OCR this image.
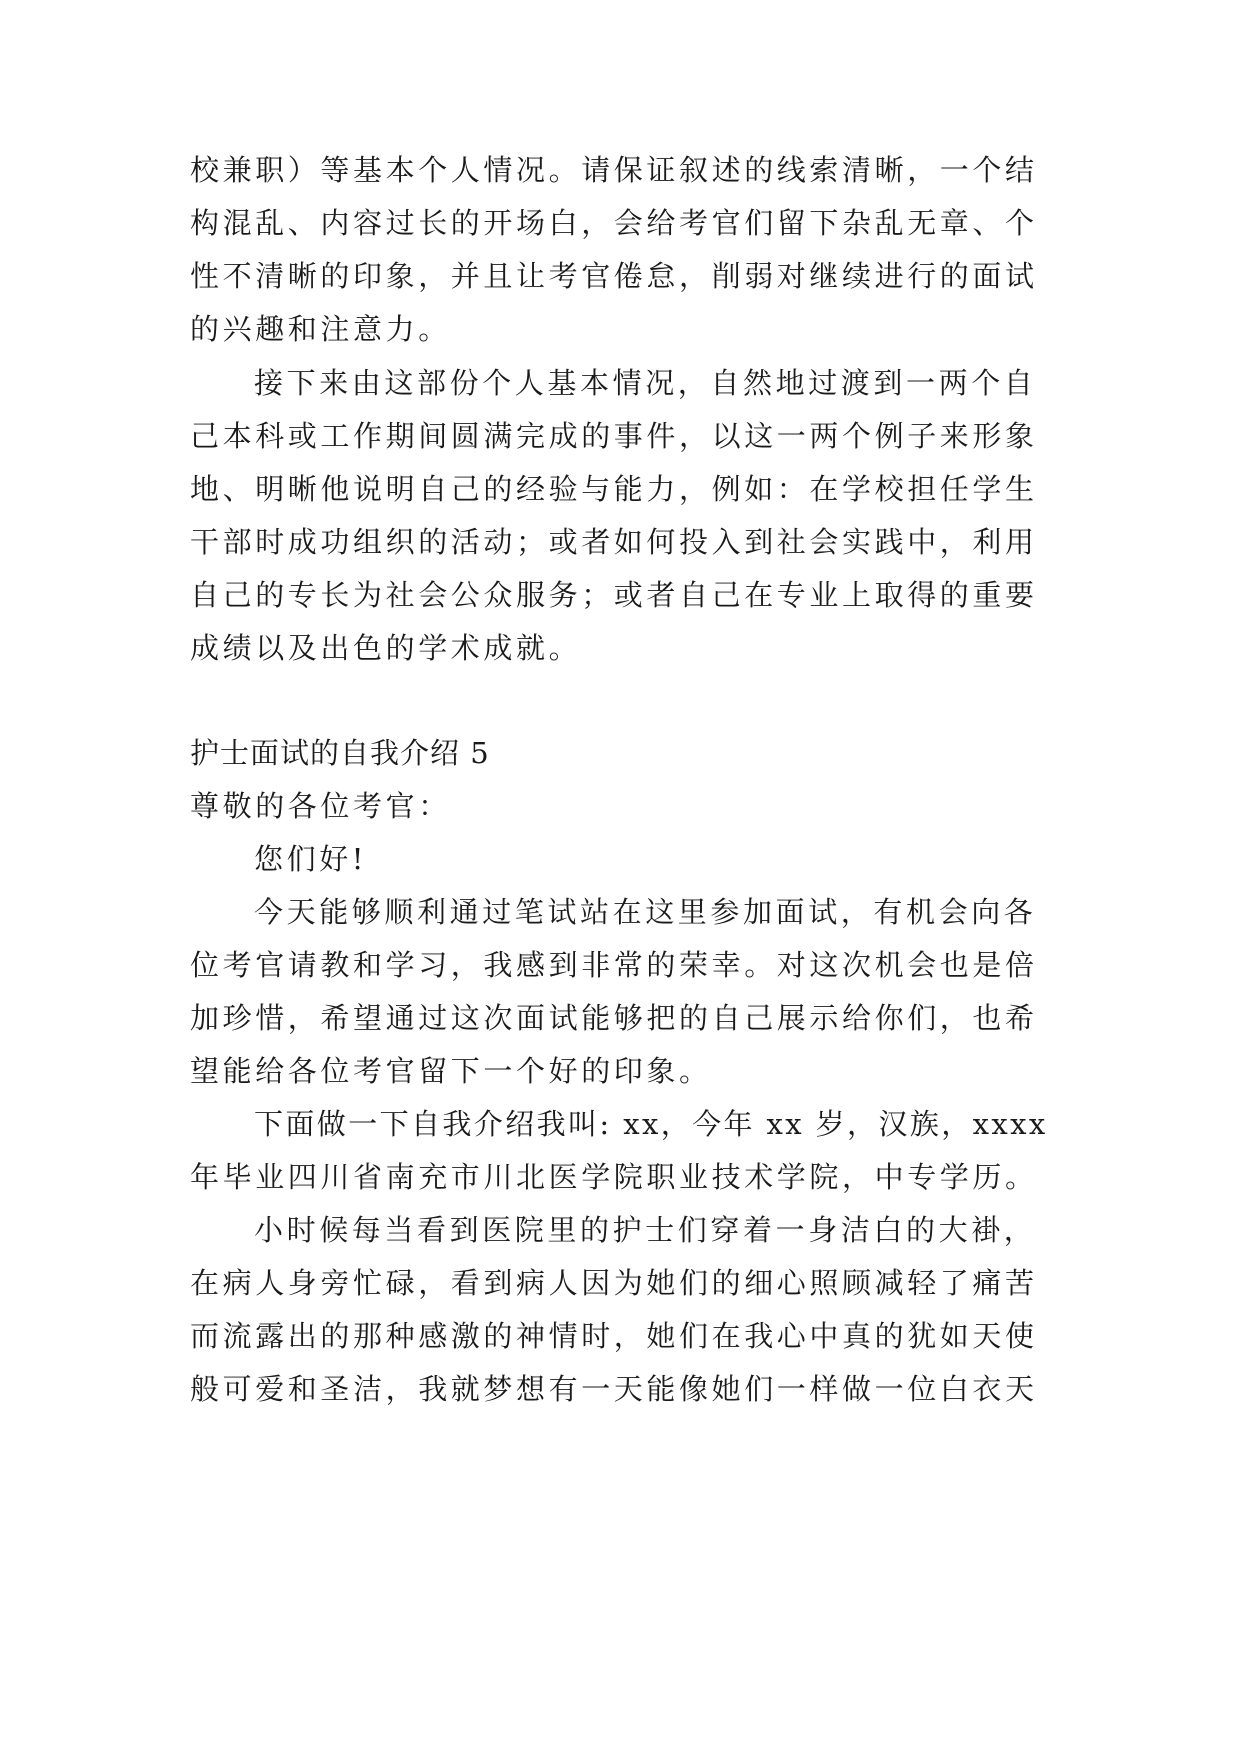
校兼职）等基本个人情况。请保证叙述的线索清晰，一个结
构混乱、内容过长的开场白，会给考官们留下杂乱无章、个
性不清晰的印象，并且让考官倦怠，削弱对继续进行的面试
的兴趣和注意力。
接下来由这部份个人基本情况，自然地过渡到一两个自
己本科或工作期间圆满完成的事件，以这一两个例子来形象
地、明晰他说明自己的经验与能力，例如：在学校担任学生
干部时成功组织的活动；或者如何投入到社会实践中，利用
自己的专长为社会公众服务；或者自己在专业上取得的重要
成绩以及出色的学术成就。
护士面试的自我介绍 5
尊敬的各位考官：
您们好!
今天能够顺利通过笔试站在这里参加面试，有机会向各
位考官请教和学习，我感到非常的荣幸。对这次机会也是倍
加珍惜，希望通过这次面试能够把的自己展示给你们，也希
望能给各位考官留下一个好的印象。
下面做一下自我介绍我叫: xx，今年 xx 岁，汉族，xxxx
年毕业四川省南充市川北医学院职业技术学院，中专学历。
小时候每当看到医院里的护士们穿着一身洁白的大褂，
在病人身旁忙碌，看到病人因为她们的细心照顾减轻了痛苦
而流露出的那种感激的神情时，她们在我心中真的犹如天使
般可爱和圣洁，我就梦想有一天能像她们一样做一位白衣天
